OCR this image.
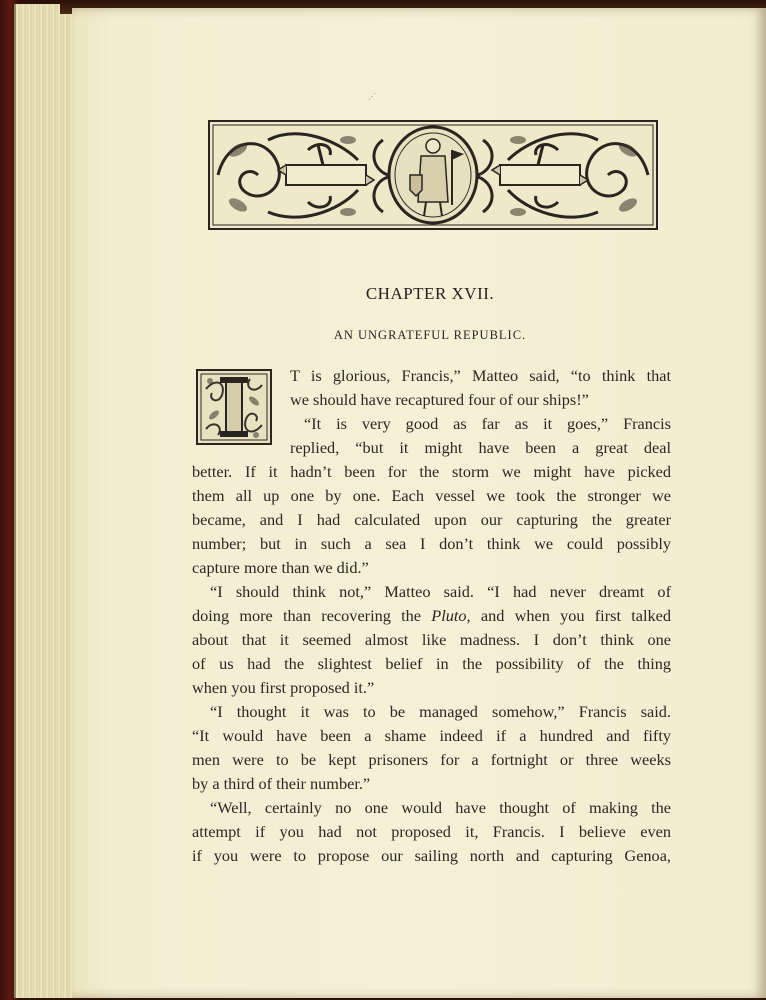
⋰
CHAPTER XVII.
AN UNGRATEFUL REPUBLIC.
T is glorious, Francis,” Matteo said, “to think that
we should have recaptured four of our ships!”
“It is very good as far as it goes,” Francis
replied, “but it might have been a great deal
better. If it hadn’t been for the storm we might have picked
them all up one by one. Each vessel we took the stronger we
became, and I had calculated upon our capturing the greater
number; but in such a sea I don’t think we could possibly
capture more than we did.”
“I should think not,” Matteo said. “I had never dreamt of
doing more than recovering the Pluto, and when you first talked
about that it seemed almost like madness. I don’t think one
of us had the slightest belief in the possibility of the thing
when you first proposed it.”
“I thought it was to be managed somehow,” Francis said.
“It would have been a shame indeed if a hundred and fifty
men were to be kept prisoners for a fortnight or three weeks
by a third of their number.”
“Well, certainly no one would have thought of making the
attempt if you had not proposed it, Francis. I believe even
if you were to propose our sailing north and capturing Genoa,
